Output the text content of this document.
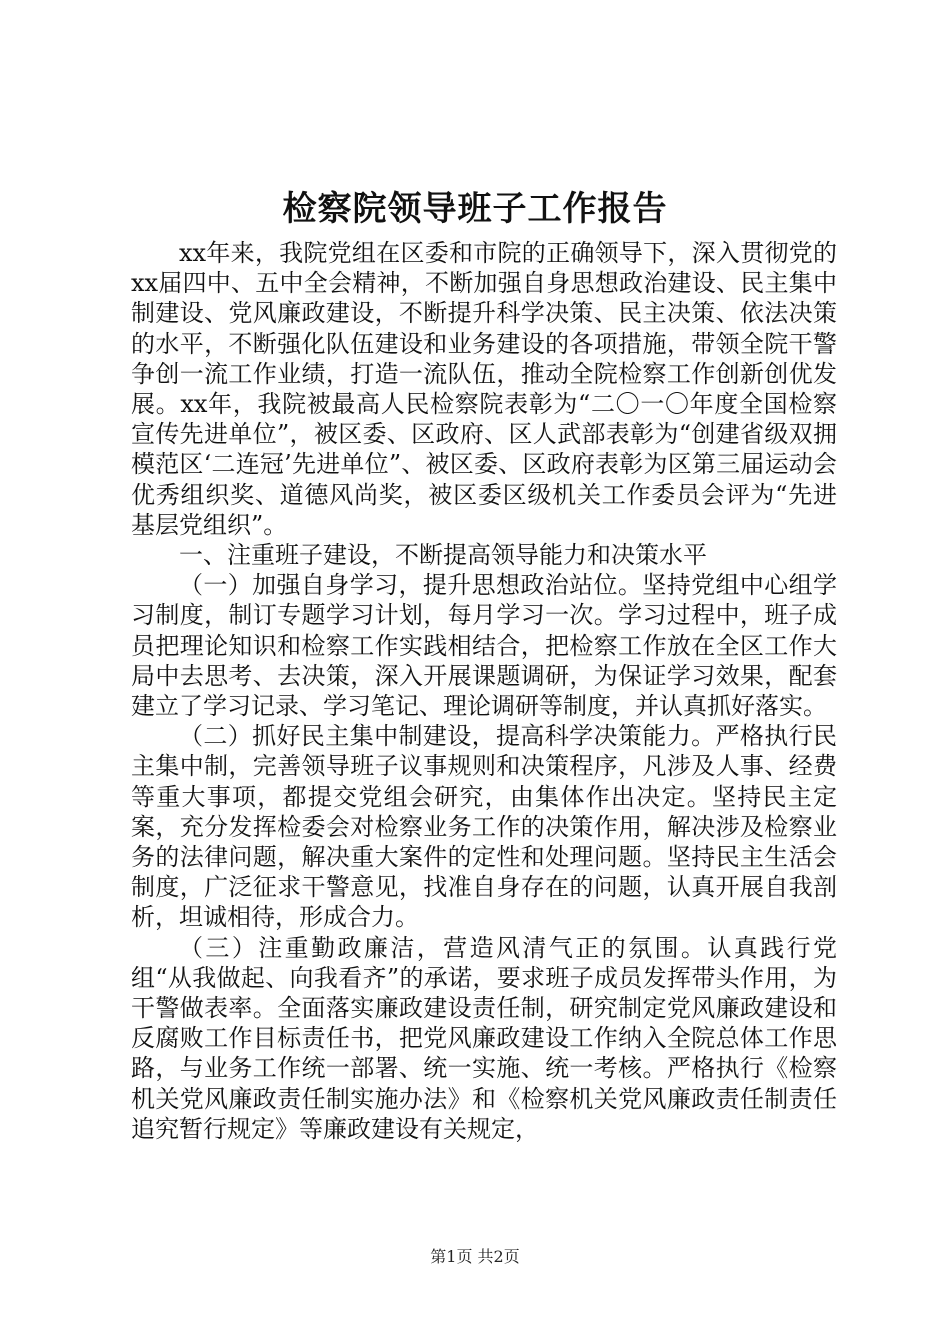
检察院领导班子工作报告

xx年来，我院党组在区委和市院的正确领导下，深入贯彻党的xx届四中、五中全会精神，不断加强自身思想政治建设、民主集中制建设、党风廉政建设，不断提升科学决策、民主决策、依法决策的水平，不断强化队伍建设和业务建设的各项措施，带领全院干警争创一流工作业绩，打造一流队伍，推动全院检察工作创新创优发展。xx年，我院被最高人民检察院表彰为“二〇一〇年度全国检察宣传先进单位”，被区委、区政府、区人武部表彰为“创建省级双拥模范区‘二连冠’先进单位”、被区委、区政府表彰为区第三届运动会优秀组织奖、道德风尚奖，被区委区级机关工作委员会评为“先进基层党组织”。

一、注重班子建设，不断提高领导能力和决策水平

（一）加强自身学习，提升思想政治站位。坚持党组中心组学习制度，制订专题学习计划，每月学习一次。学习过程中，班子成员把理论知识和检察工作实践相结合，把检察工作放在全区工作大局中去思考、去决策，深入开展课题调研，为保证学习效果，配套建立了学习记录、学习笔记、理论调研等制度，并认真抓好落实。

（二）抓好民主集中制建设，提高科学决策能力。严格执行民主集中制，完善领导班子议事规则和决策程序，凡涉及人事、经费等重大事项，都提交党组会研究，由集体作出决定。坚持民主定案，充分发挥检委会对检察业务工作的决策作用，解决涉及检察业务的法律问题，解决重大案件的定性和处理问题。坚持民主生活会制度，广泛征求干警意见，找准自身存在的问题，认真开展自我剖析，坦诚相待，形成合力。

（三）注重勤政廉洁，营造风清气正的氛围。认真践行党组“从我做起、向我看齐”的承诺，要求班子成员发挥带头作用，为干警做表率。全面落实廉政建设责任制，研究制定党风廉政建设和反腐败工作目标责任书，把党风廉政建设工作纳入全院总体工作思路，与业务工作统一部署、统一实施、统一考核。严格执行《检察机关党风廉政责任制实施办法》和《检察机关党风廉政责任制责任追究暂行规定》等廉政建设有关规定，

第1页 共2页
